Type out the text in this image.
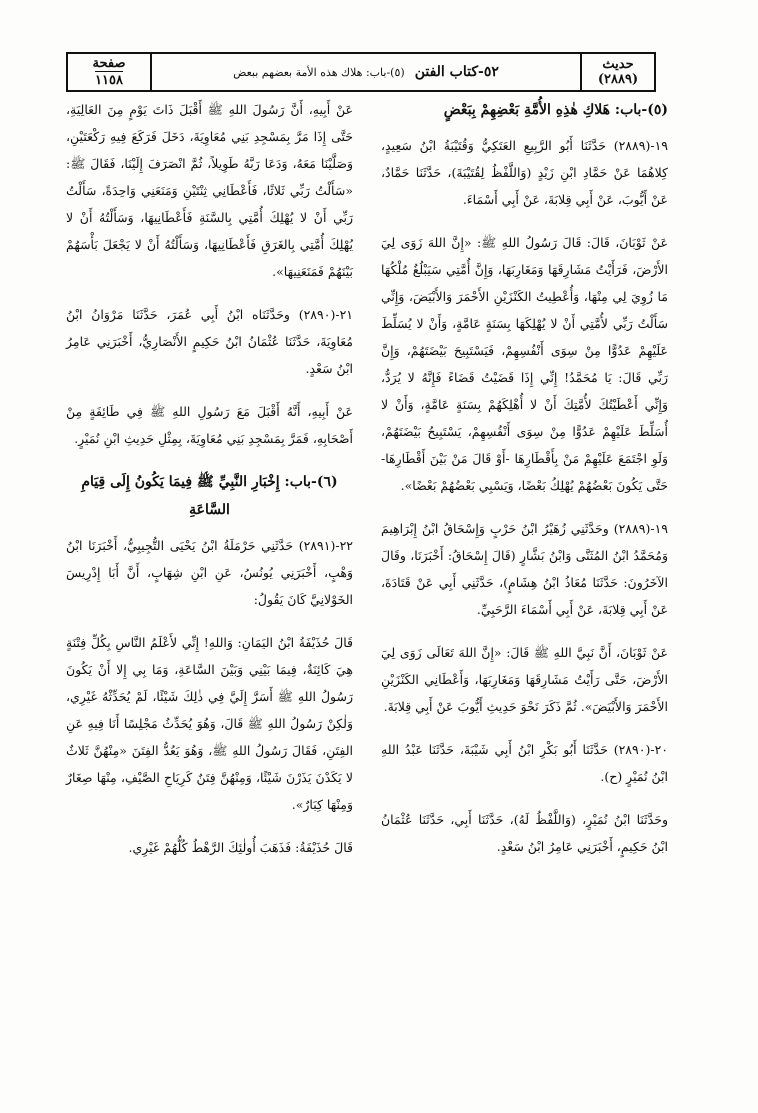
حديث
(٢٨٨٩)
٥٢-كتاب الفتن
(٥)-باب: هلاك هذه الأمة بعضهم ببعض
صفحة
١١٥٨
(٥)-باب: هَلاكِ هٰذِهِ الأُمَّةِ بَعْضِهِمْ بِبَعْضٍ

١٩-(٢٨٨٩) حَدَّثَنَا أَبُو الرَّبِيعِ العَتَكِيُّ وَقُتَيْبَةُ ابْنُ سَعِيدٍ، كِلاهُمَا عَنْ حَمَّادِ ابْنِ زَيْدٍ (وَاللَّفْظُ لِقُتَيْبَةَ)، حَدَّثَنَا حَمَّادٌ، عَنْ أَيُّوبَ، عَنْ أَبِي قِلابَةَ، عَنْ أَبِي أَسْمَاءَ.

عَنْ ثَوْبَانَ، قَالَ: قَالَ رَسُولُ اللهِ ﷺ: «إِنَّ اللهَ زَوَى لِيَ الأَرْضَ، فَرَأَيْتُ مَشَارِقَهَا وَمَغَارِبَهَا، وَإِنَّ أُمَّتِي سَيَبْلُغُ مُلْكُهَا مَا زُوِيَ لِي مِنْهَا، وَأُعْطِيتُ الكَنْزَيْنِ الأَحْمَرَ وَالأَبْيَضَ، وَإِنِّي سَأَلْتُ رَبِّي لأُمَّتِي أَنْ لا يُهْلِكَهَا بِسَنَةٍ عَامَّةٍ، وَأَنْ لا يُسَلِّطَ عَلَيْهِمْ عَدُوًّا مِنْ سِوَى أَنْفُسِهِمْ، فَيَسْتَبِيحَ بَيْضَتَهُمْ، وَإِنَّ رَبِّي قَالَ: يَا مُحَمَّدُ! إِنِّي إِذَا قَضَيْتُ قَضَاءً فَإِنَّهُ لا يُرَدُّ، وَإِنِّي أَعْطَيْتُكَ لأُمَّتِكَ أَنْ لا أُهْلِكَهُمْ بِسَنَةٍ عَامَّةٍ، وَأَنْ لا أُسَلِّطَ عَلَيْهِمْ عَدُوًّا مِنْ سِوَى أَنْفُسِهِمْ، يَسْتَبِيحُ بَيْضَتَهُمْ، وَلَوِ اجْتَمَعَ عَلَيْهِمْ مَنْ بِأَقْطَارِهَا -أَوْ قَالَ مَنْ بَيْنَ أَقْطَارِهَا- حَتَّى يَكُونَ بَعْضُهُمْ يُهْلِكُ بَعْضًا، وَيَسْبِي بَعْضُهُمْ بَعْضًا».

١٩-(٢٨٨٩) وحَدَّثَنِي زُهَيْرُ ابْنُ حَرْبٍ وَإِسْحَاقُ ابْنُ إِبْرَاهِيمَ وَمُحَمَّدُ ابْنُ المُثَنَّى وَابْنُ بَشَّارٍ (قَالَ إِسْحَاقُ: أَخْبَرَنَا، وقَالَ الآخَرُونَ: حَدَّثَنَا مُعَاذُ ابْنُ هِشَامٍ)، حَدَّثَنِي أَبِي عَنْ قَتَادَةَ، عَنْ أَبِي قِلابَةَ، عَنْ أَبِي أَسْمَاءَ الرَّحَبِيِّ.

عَنْ ثَوْبَانَ، أَنَّ نَبِيَّ اللهِ ﷺ قَالَ: «إِنَّ اللهَ تَعَالَى زَوَى لِيَ الأَرْضَ، حَتَّى رَأَيْتُ مَشَارِقَهَا وَمَغَارِبَهَا، وَأَعْطَانِي الكَنْزَيْنِ الأَحْمَرَ وَالأَبْيَضَ». ثُمَّ ذَكَرَ نَحْوَ حَدِيثِ أَيُّوبَ عَنْ أَبِي قِلابَةَ.

٢٠-(٢٨٩٠) حَدَّثَنَا أَبُو بَكْرِ ابْنُ أَبِي شَيْبَةَ، حَدَّثَنَا عَبْدُ اللهِ ابْنُ نُمَيْرٍ (ح).

وحَدَّثَنَا ابْنُ نُمَيْرٍ، (وَاللَّفْظُ لَهُ)، حَدَّثَنَا أَبِي، حَدَّثَنَا عُثْمَانُ ابْنُ حَكِيمٍ، أَخْبَرَنِي عَامِرُ ابْنُ سَعْدٍ.

عَنْ أَبِيهِ، أَنَّ رَسُولَ اللهِ ﷺ أَقْبَلَ ذَاتَ يَوْمٍ مِنَ العَالِيَةِ، حَتَّى إِذَا مَرَّ بِمَسْجِدِ بَنِي مُعَاوِيَةَ، دَخَلَ فَرَكَعَ فِيهِ رَكْعَتَيْنِ، وَصَلَّيْنَا مَعَهُ، وَدَعَا رَبَّهُ طَوِيلاً، ثُمَّ انْصَرَفَ إِلَيْنَا، فَقَالَ ﷺ: «سَأَلْتُ رَبِّي ثَلاثًا، فَأَعْطَانِي ثِنْتَيْنِ وَمَنَعَنِي وَاحِدَةً، سَأَلْتُ رَبِّي أَنْ لا يُهْلِكَ أُمَّتِي بِالسَّنَةِ فَأَعْطَانِيهَا، وَسَأَلْتُهُ أَنْ لا يُهْلِكَ أُمَّتِي بِالغَرَقِ فَأَعْطَانِيهَا، وَسَأَلْتُهُ أَنْ لا يَجْعَلَ بَأْسَهُمْ بَيْنَهُمْ فَمَنَعَنِيهَا».

٢١-(٢٨٩٠) وحَدَّثَنَاه ابْنُ أَبِي عُمَرَ، حَدَّثَنَا مَرْوَانُ ابْنُ مُعَاوِيَةَ، حَدَّثَنَا عُثْمَانُ ابْنُ حَكِيمٍ الأَنْصَارِيُّ، أَخْبَرَنِي عَامِرُ ابْنُ سَعْدٍ.

عَنْ أَبِيهِ، أَنَّهُ أَقْبَلَ مَعَ رَسُولِ اللهِ ﷺ فِي طَائِفَةٍ مِنْ أَصْحَابِهِ، فَمَرَّ بِمَسْجِدِ بَنِي مُعَاوِيَةَ، بِمِثْلِ حَدِيثِ ابْنِ نُمَيْرٍ.

(٦)-باب: إِخْبَارِ النَّبِيِّ ﷺ فِيمَا يَكُونُ إِلَى قِيَامِ السَّاعَةِ

٢٢-(٢٨٩١) حَدَّثَنِي حَرْمَلَةُ ابْنُ يَحْيَى التُّجِيبِيُّ، أَخْبَرَنَا ابْنُ وَهْبٍ، أَخْبَرَنِي يُونُسُ، عَنِ ابْنِ شِهَابٍ، أَنَّ أَبَا إِدْرِيسَ الخَوْلانِيَّ كَانَ يَقُولُ:

قَالَ حُذَيْفَةُ ابْنُ اليَمَانِ: وَاللهِ! إِنِّي لأَعْلَمُ النَّاسِ بِكُلِّ فِتْنَةٍ هِيَ كَائِنَةٌ، فِيمَا بَيْنِي وَبَيْنَ السَّاعَةِ، وَمَا بِي إِلا أَنْ يَكُونَ رَسُولُ اللهِ ﷺ أَسَرَّ إِلَيَّ فِي ذٰلِكَ شَيْئًا، لَمْ يُحَدِّثْهُ غَيْرِي، وَلٰكِنْ رَسُولُ اللهِ ﷺ قَالَ، وَهُوَ يُحَدِّثُ مَجْلِسًا أَنَا فِيهِ عَنِ الفِتَنِ، فَقَالَ رَسُولُ اللهِ ﷺ، وَهُوَ يَعُدُّ الفِتَنَ «مِنْهُنَّ ثَلاثٌ لا يَكَدْنَ يَذَرْنَ شَيْئًا، وَمِنْهُنَّ فِتَنٌ كَرِيَاحِ الصَّيْفِ، مِنْهَا صِغَارٌ وَمِنْهَا كِبَارٌ».

قَالَ حُذَيْفَةُ: فَذَهَبَ أُولٰئِكَ الرَّهْطُ كُلُّهُمْ غَيْرِي.
